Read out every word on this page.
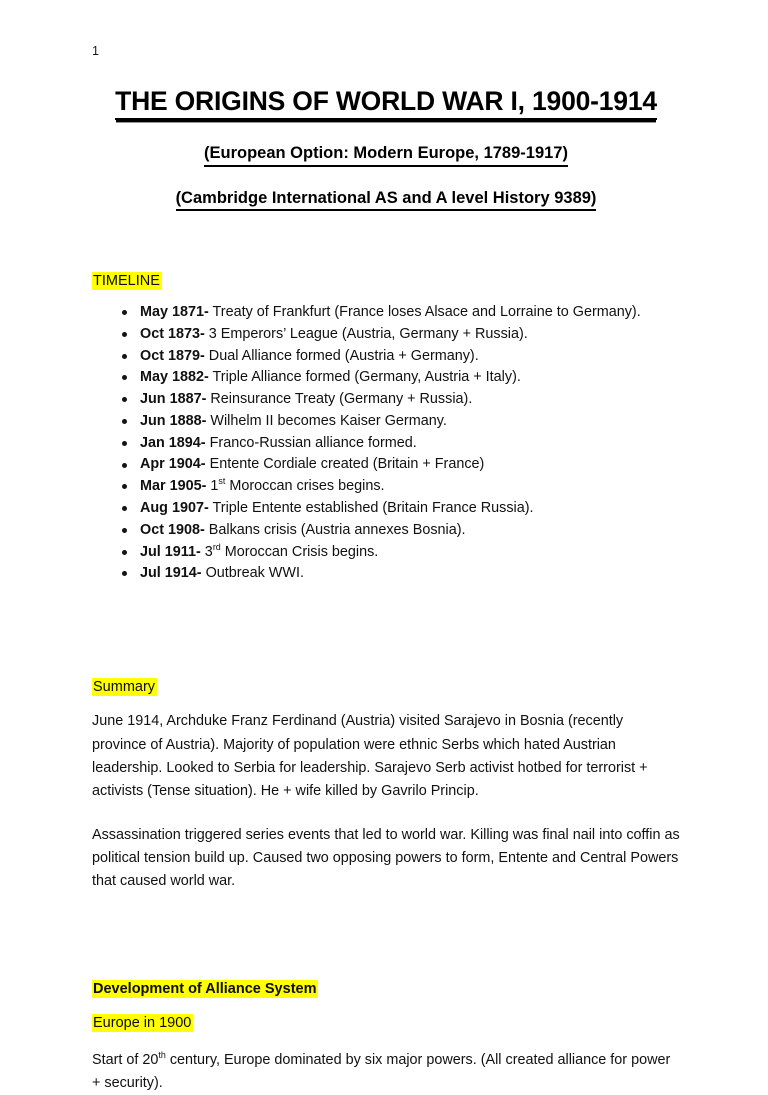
1
THE ORIGINS OF WORLD WAR I, 1900-1914
(European Option: Modern Europe, 1789-1917)
(Cambridge International AS and A level History 9389)

TIMELINE

May 1871- Treaty of Frankfurt (France loses Alsace and Lorraine to Germany).
Oct 1873- 3 Emperors’ League (Austria, Germany + Russia).
Oct 1879- Dual Alliance formed (Austria + Germany).
May 1882- Triple Alliance formed (Germany, Austria + Italy).
Jun 1887- Reinsurance Treaty (Germany + Russia).
Jun 1888- Wilhelm II becomes Kaiser Germany.
Jan 1894- Franco-Russian alliance formed.
Apr 1904- Entente Cordiale created (Britain + France)
Mar 1905- 1st Moroccan crises begins.
Aug 1907- Triple Entente established (Britain France Russia).
Oct 1908- Balkans crisis (Austria annexes Bosnia).
Jul 1911- 3rd Moroccan Crisis begins.
Jul 1914- Outbreak WWI.

Summary

June 1914, Archduke Franz Ferdinand (Austria) visited Sarajevo in Bosnia (recently province of Austria). Majority of population were ethnic Serbs which hated Austrian leadership. Looked to Serbia for leadership. Sarajevo Serb activist hotbed for terrorist + activists (Tense situation). He + wife killed by Gavrilo Princip.

Assassination triggered series events that led to world war. Killing was final nail into coffin as political tension build up. Caused two opposing powers to form, Entente and Central Powers that caused world war.

Development of Alliance System

Europe in 1900

Start of 20th century, Europe dominated by six major powers. (All created alliance for power + security).
